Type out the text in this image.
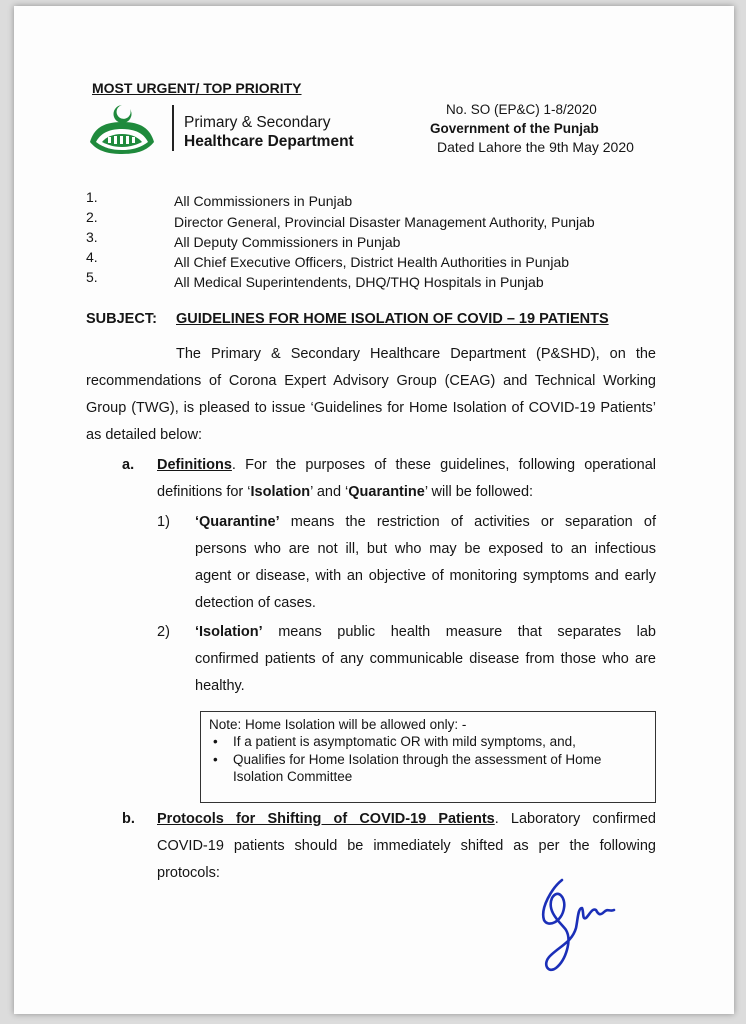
MOST URGENT/ TOP PRIORITY
Primary & Secondary
Healthcare Department
No. SO (EP&C) 1-8/2020
Government of the Punjab
Dated Lahore the 9th May 2020
1.	All Commissioners in Punjab
2.	Director General, Provincial Disaster Management Authority, Punjab
3.	All Deputy Commissioners in Punjab
4.	All Chief Executive Officers, District Health Authorities in Punjab
5.	All Medical Superintendents, DHQ/THQ Hospitals in Punjab
SUBJECT: GUIDELINES FOR HOME ISOLATION OF COVID – 19 PATIENTS
The Primary & Secondary Healthcare Department (P&SHD), on the
recommendations of Corona Expert Advisory Group (CEAG) and Technical Working
Group (TWG), is pleased to issue ‘Guidelines for Home Isolation of COVID-19 Patients’
as detailed below:
a. Definitions. For the purposes of these guidelines, following operational
definitions for ‘Isolation’ and ‘Quarantine’ will be followed:
1) ‘Quarantine’ means the restriction of activities or separation of
persons who are not ill, but who may be exposed to an infectious
agent or disease, with an objective of monitoring symptoms and early
detection of cases.
2) ‘Isolation’ means public health measure that separates lab
confirmed patients of any communicable disease from those who are
healthy.
Note: Home Isolation will be allowed only: -
• If a patient is asymptomatic OR with mild symptoms, and,
• Qualifies for Home Isolation through the assessment of Home
Isolation Committee
b. Protocols for Shifting of COVID-19 Patients. Laboratory confirmed
COVID-19 patients should be immediately shifted as per the following
protocols:
